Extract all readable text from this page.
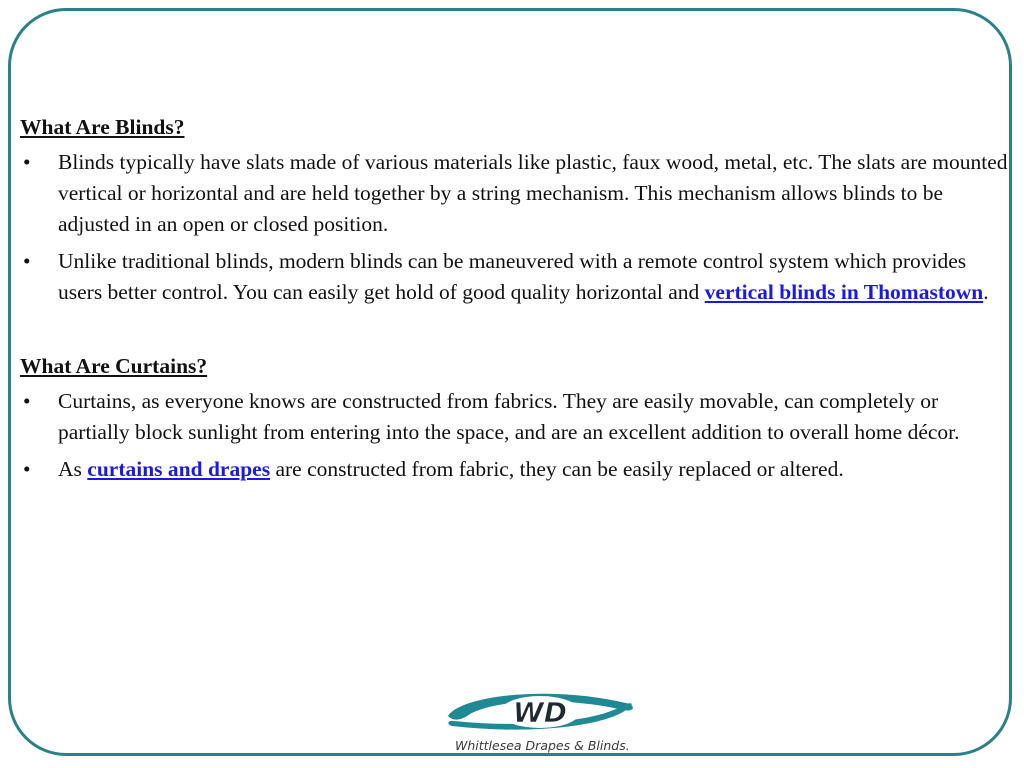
What Are Blinds?

• Blinds typically have slats made of various materials like plastic, faux wood, metal, etc. The slats are mounted vertical or horizontal and are held together by a string mechanism. This mechanism allows blinds to be adjusted in an open or closed position.
• Unlike traditional blinds, modern blinds can be maneuvered with a remote control system which provides users better control. You can easily get hold of good quality horizontal and vertical blinds in Thomastown.

What Are Curtains?

• Curtains, as everyone knows are constructed from fabrics. They are easily movable, can completely or partially block sunlight from entering into the space, and are an excellent addition to overall home décor.
• As curtains and drapes are constructed from fabric, they can be easily replaced or altered.
WD
Whittlesea Drapes & Blinds.
